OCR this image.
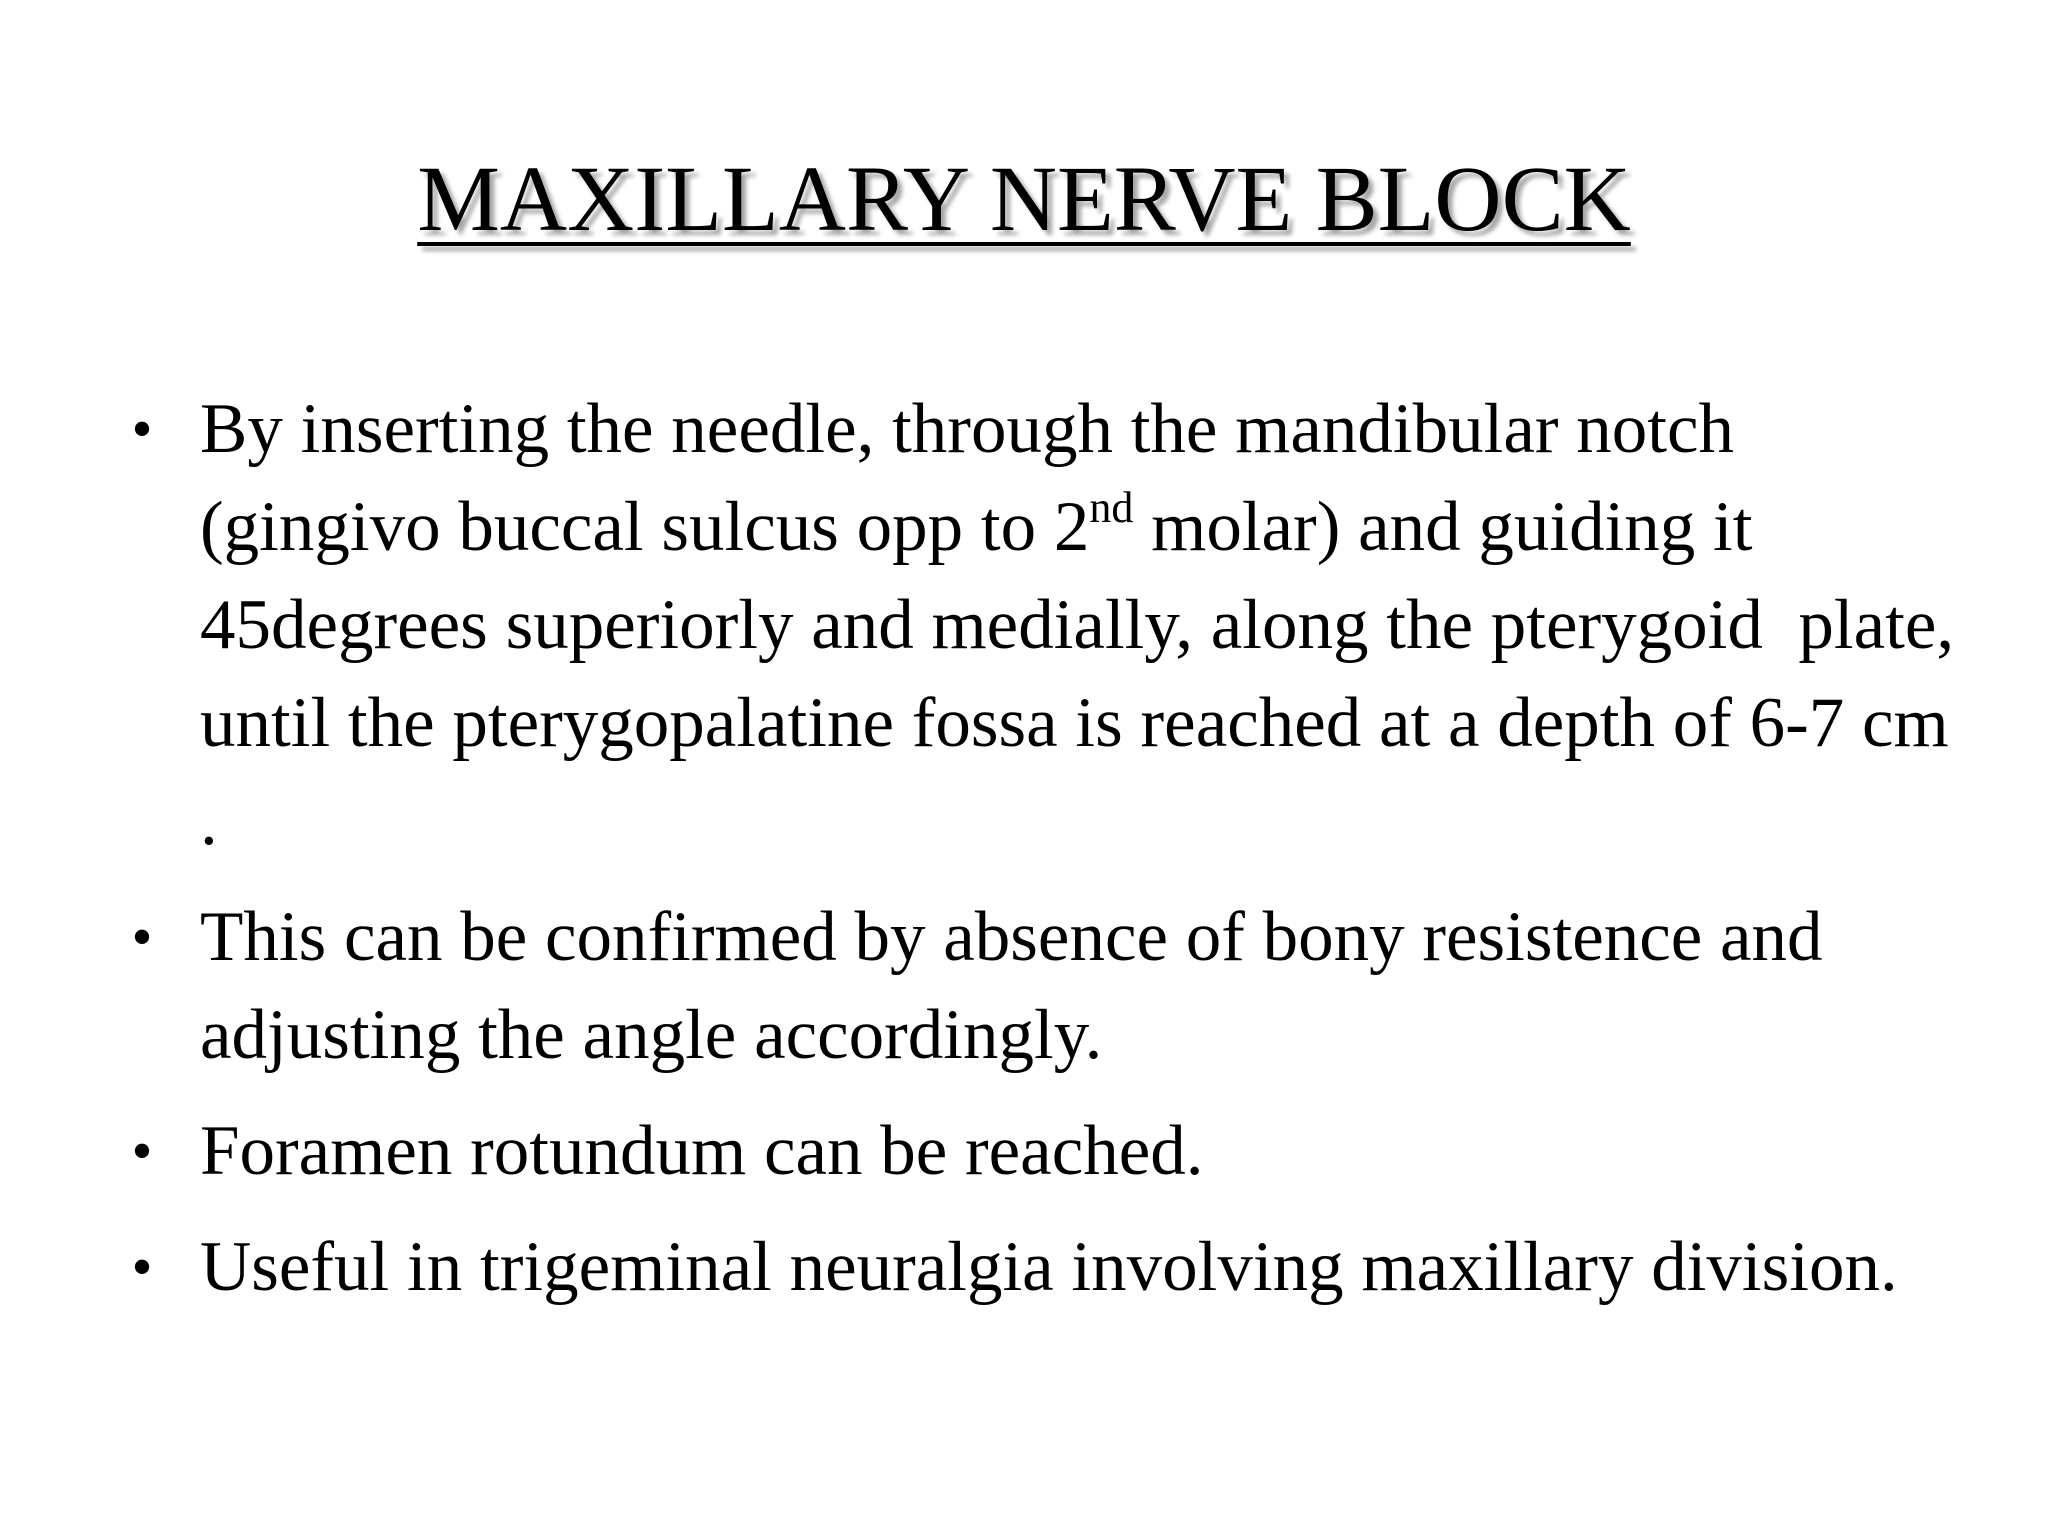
MAXILLARY NERVE BLOCK
• By inserting the needle, through the mandibular notch (gingivo buccal sulcus opp to 2nd molar) and guiding it 45degrees superiorly and medially, along the pterygoid  plate, until the pterygopalatine fossa is reached at a depth of 6-7 cm .
• This can be confirmed by absence of bony resistence and adjusting the angle accordingly.
• Foramen rotundum can be reached.
• Useful in trigeminal neuralgia involving maxillary division.
